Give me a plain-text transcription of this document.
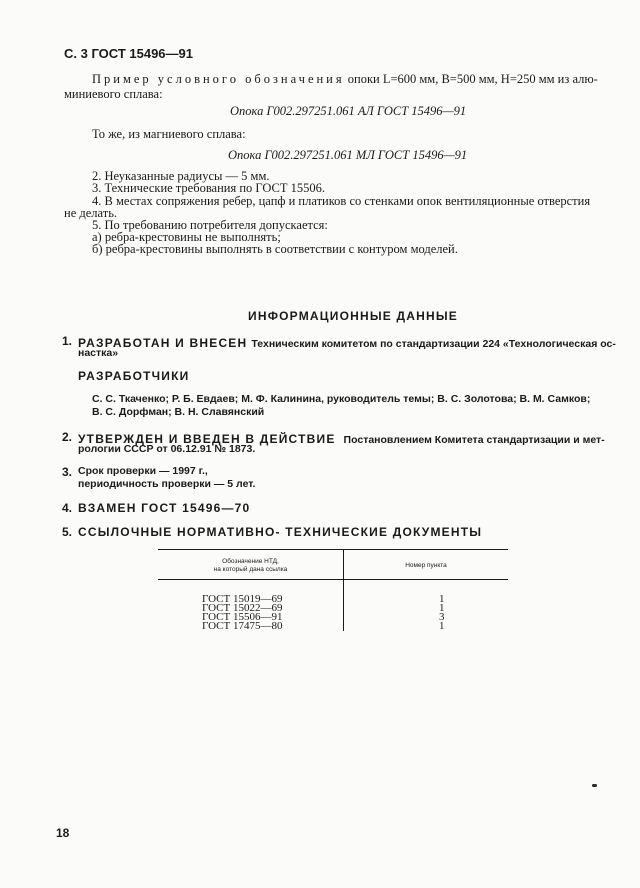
С. 3 ГОСТ 15496—91
Пример условного обозначения опоки L=600 мм, B=500 мм, H=250 мм из алю-
миниевого сплава:
Опока Г002.297251.061 АЛ ГОСТ 15496—91
То же, из магниевого сплава:
Опока Г002.297251.061 МЛ ГОСТ 15496—91
2. Неуказанные радиусы — 5 мм.
3. Технические требования по ГОСТ 15506.
4. В местах сопряжения ребер, цапф и платиков со стенками опок вентиляционные отверстия
не делать.
5. По требованию потребителя допускается:
а) ребра-крестовины не выполнять;
б) ребра-крестовины выполнять в соответствии с контуром моделей.
ИНФОРМАЦИОННЫЕ ДАННЫЕ
1. РАЗРАБОТАН И ВНЕСЕН Техническим комитетом по стандартизации 224 «Технологическая ос-
настка»
РАЗРАБОТЧИКИ
С. С. Ткаченко; Р. Б. Евдаев; М. Ф. Калинина, руководитель темы; В. С. Золотова; В. М. Самков;
В. С. Дорфман; В. Н. Славянский
2. УТВЕРЖДЕН И ВВЕДЕН В ДЕЙСТВИЕ Постановлением Комитета стандартизации и мет-
рологии СССР от 06.12.91 № 1873.
3. Срок проверки — 1997 г.,
периодичность проверки — 5 лет.
4. ВЗАМЕН ГОСТ 15496—70
5. ССЫЛОЧНЫЕ НОРМАТИВНО- ТЕХНИЧЕСКИЕ ДОКУМЕНТЫ
Обозначение НТД,
на который дана ссылка
Номер пункта
ГОСТ 15019—69
ГОСТ 15022—69
ГОСТ 15506—91
ГОСТ 17475—80
1
1
3
1
18
